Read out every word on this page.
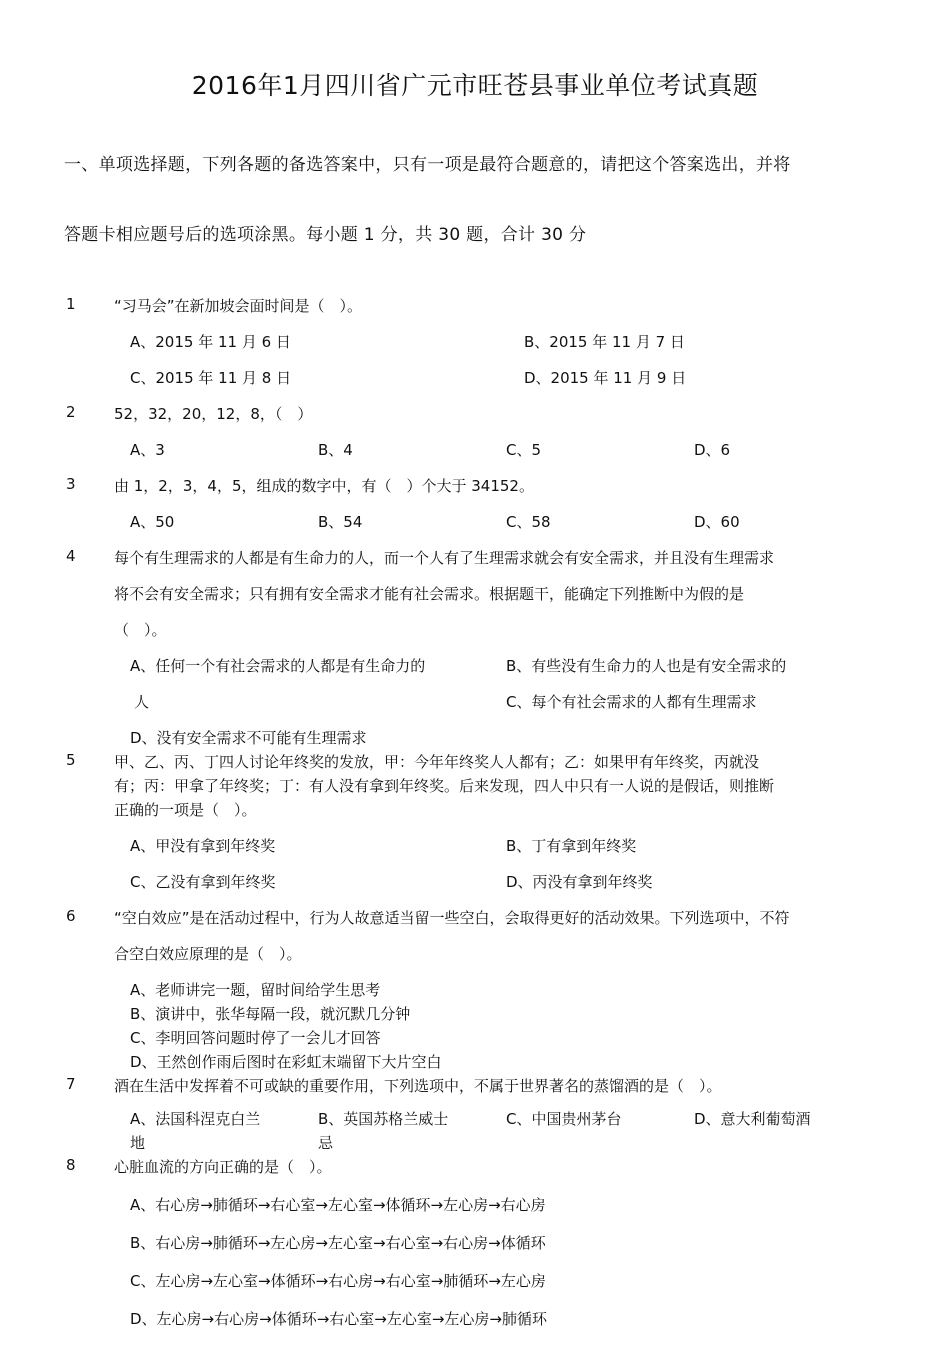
2016年1月四川省广元市旺苍县事业单位考试真题
一、单项选择题，下列各题的备选答案中，只有一项是最符合题意的，请把这个答案选出，并将
答题卡相应题号后的选项涂黑。每小题 1 分，共 30 题，合计 30 分
1	“习马会”在新加坡会面时间是（　）。
A、2015 年 11 月 6 日	B、2015 年 11 月 7 日
C、2015 年 11 月 8 日	D、2015 年 11 月 9 日
2	52，32，20，12，8，（　）
A、3	B、4	C、5	D、6
3	由 1，2，3，4，5，组成的数字中，有（　）个大于 34152。
A、50	B、54	C、58	D、60
4	每个有生理需求的人都是有生命力的人，而一个人有了生理需求就会有安全需求，并且没有生理需求
将不会有安全需求；只有拥有安全需求才能有社会需求。根据题干，能确定下列推断中为假的是
（　）。
A、任何一个有社会需求的人都是有生命力的
人
B、有些没有生命力的人也是有安全需求的
C、每个有社会需求的人都有生理需求
D、没有安全需求不可能有生理需求
5	甲、乙、丙、丁四人讨论年终奖的发放，甲：今年年终奖人人都有；乙：如果甲有年终奖，丙就没
有；丙：甲拿了年终奖；丁：有人没有拿到年终奖。后来发现，四人中只有一人说的是假话，则推断
正确的一项是（　）。
A、甲没有拿到年终奖	B、丁有拿到年终奖
C、乙没有拿到年终奖	D、丙没有拿到年终奖
6	“空白效应”是在活动过程中，行为人故意适当留一些空白，会取得更好的活动效果。下列选项中，不符
合空白效应原理的是（　）。
A、老师讲完一题，留时间给学生思考
B、演讲中，张华每隔一段，就沉默几分钟
C、李明回答问题时停了一会儿才回答
D、王然创作雨后图时在彩虹末端留下大片空白
7	酒在生活中发挥着不可或缺的重要作用，下列选项中，不属于世界著名的蒸馏酒的是（　）。
A、法国科涅克白兰
地
B、英国苏格兰威士
忌
C、中国贵州茅台	D、意大利葡萄酒
8	心脏血流的方向正确的是（　）。
A、右心房→肺循环→右心室→左心室→体循环→左心房→右心房
B、右心房→肺循环→左心房→左心室→右心室→右心房→体循环
C、左心房→左心室→体循环→右心房→右心室→肺循环→左心房
D、左心房→右心房→体循环→右心室→左心室→左心房→肺循环
